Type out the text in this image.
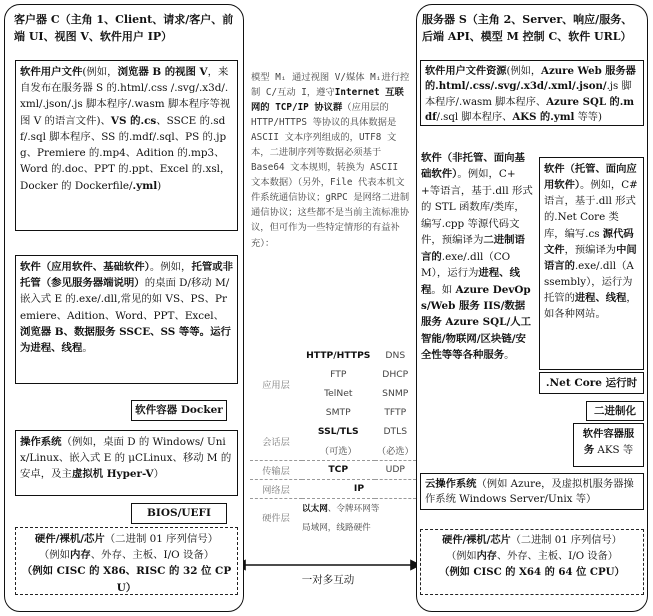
客户器 C（主角 1、Client、请求/客户、前端 UI、视图 V、软件用户 IP）
软件用户文件(例如，浏览器 B 的视图 V，来自发布在服务器 S 的.html/.css /.svg/.x3d/.xml/.json/.js 脚本程序/.wasm 脚本程序等视图 V 的语言文件)、VS 的.cs、SSCE 的.sdf/.sql 脚本程序、SS 的.mdf/.sql、PS 的.jpg、Premiere 的.mp4、Adition 的.mp3、Word 的.doc、PPT 的.ppt、Excel 的.xsl，Docker 的 Dockerfile/.yml)
软件（应用软件、基础软件）。例如，托管或非托管（参见服务器端说明）的桌面 D/移动 M/嵌入式 E 的.exe/.dll,常见的如 VS、PS、Premiere、Adition、Word、PPT、Excel、浏览器 B、数据服务 SSCE、SS 等等。运行为进程、线程。
软件容器 Docker
操作系统（例如，桌面 D 的 Windows/ Unix/Linux、嵌入式 E 的 μCLinux、移动 M 的安卓，及主虚拟机 Hyper-V）
BIOS/UEFI
硬件/裸机/芯片（二进制 01 序列信号）
（例如内存、外存、主板、I/O 设备）
（例如 CISC 的 X86、RISC 的 32 位 CPU）
模型 Mᵢ 通过视图 V/媒体 Mᵢ进行控制 C/互动 I，遵守Internet 互联网的 TCP/IP 协议群（应用层的 HTTP/HTTPS 等协议的具体数据是 ASCII 文本序列组成的，UTF8 文本，二进制序列等数据必须基于 Base64 文本规则，转换为 ASCII 文本数据）（另外，File 代表本机文件系统通信协议；gRPC 是网络二进制通信协议；这些都不是当前主流标准协议，但可作为一些特定情形的有益补充）：
应用层	HTTP/HTTPS	DNS
	FTP	DHCP
	TelNet	SNMP
	SMTP	TFTP
会话层	SSL/TLS	DTLS
	（可选）	（必选）
传输层	TCP	UDP
网络层	IP	
硬件层	以太网、令牌环网等	
	局域网，线路硬件	
一对多互动
服务器 S（主角 2、Server、响应/服务、后端 API、模型 M 控制 C、软件 URL）
软件用户文件资源(例如，Azure Web 服务器的.html/.css/.svg/.x3d/.xml/.json/.js 脚本程序/.wasm 脚本程序、Azure SQL 的.mdf/.sql 脚本程序、AKS 的.yml 等等)
软件（非托管、面向基础软件）。例如，C++等语言，基于.dll 形式的 STL 函数库/类库，编写.cpp 等源代码文件，预编译为二进制语言的.exe/.dll（COM），运行为进程、线程。如 Azure DevOps/Web 服务 IIS/数据服务 Azure SQL/人工智能/物联网/区块链/安全性等等各种服务。
软件（托管、面向应用软件）。例如，C#语言，基于.dll 形式的.Net Core 类库，编写.cs 源代码文件，预编译为中间语言的.exe/.dll（Assembly），运行为托管的进程、线程，如各种网站。
.Net Core 运行时
二进制化
软件容器服务 AKS 等
云操作系统（例如 Azure，及虚拟机服务器操作系统 Windows Server/Unix 等）
硬件/裸机/芯片（二进制 01 序列信号）
（例如内存、外存、主板、I/O 设备）
（例如 CISC 的 X64 的 64 位 CPU）
